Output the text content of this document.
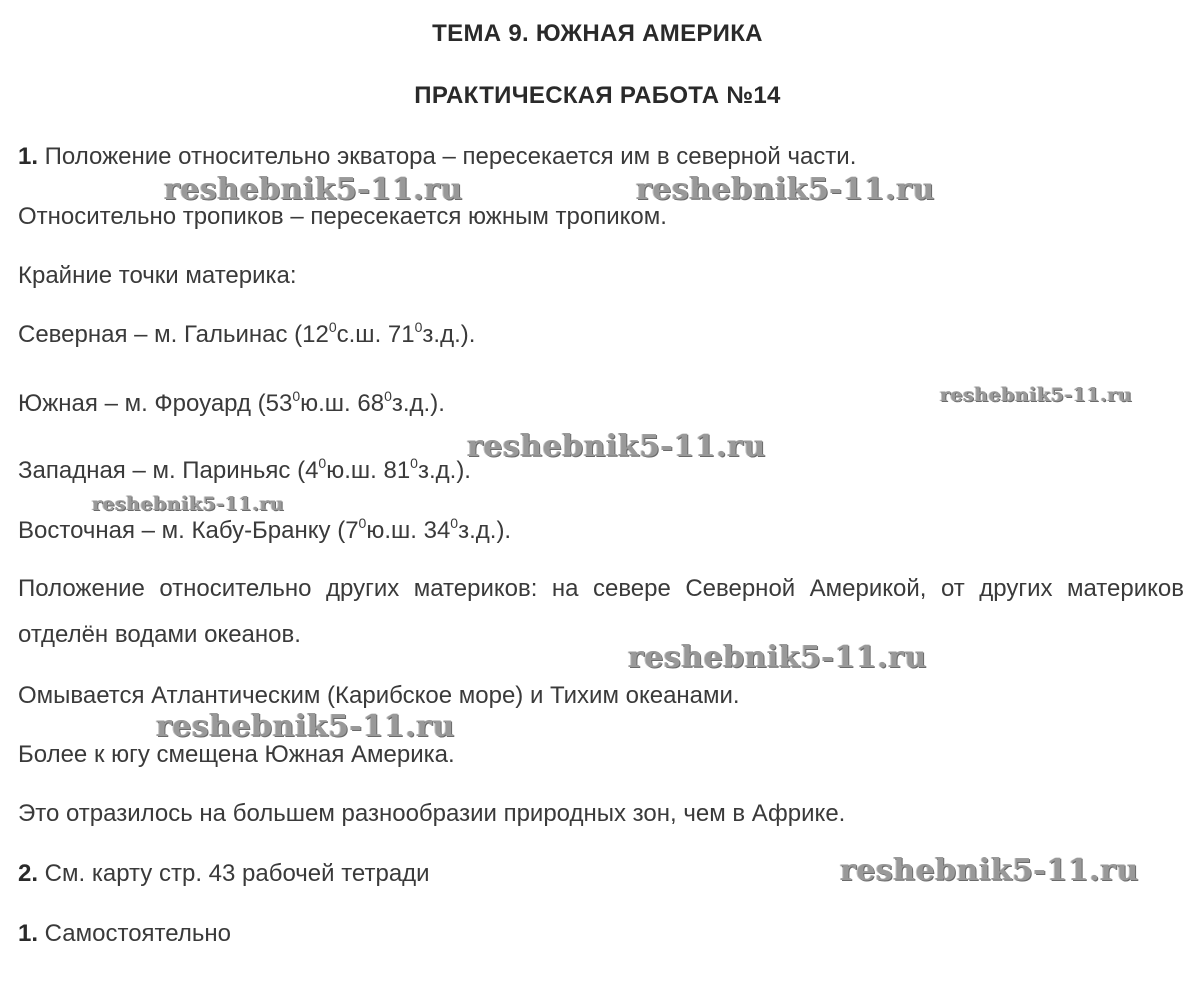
ТЕМА 9. ЮЖНАЯ АМЕРИКА
ПРАКТИЧЕСКАЯ РАБОТА №14
1. Положение относительно экватора – пересекается им в северной части.
Относительно тропиков – пересекается южным тропиком.
Крайние точки материка:
Северная – м. Гальинас ($12^0с.ш$. $71^0з.д$.).
Южная – м. Фроуард ($53^0ю.ш$. $68^0з.д$.).
Западная – м. Париньяс ($4^0ю.ш$. $81^0з.д$.).
Восточная – м. Кабу-Бранку ($7^0ю.ш$. $34^0з.д$.).
Положение относительно других материков: на севере Северной Америкой, от других материков отделён водами океанов.
Омывается Атлантическим (Карибское море) и Тихим океанами.
Более к югу смещена Южная Америка.
Это отразилось на большем разнообразии природных зон, чем в Африке.
2. См. карту стр. 43 рабочей тетради
1. Самостоятельно
reshebnik5-11.ru	reshebnik5-11.ru
reshebnik5-11.ru
reshebnik5-11.ru
reshebnik5-11.ru
reshebnik5-11.ru
reshebnik5-11.ru
reshebnik5-11.ru
